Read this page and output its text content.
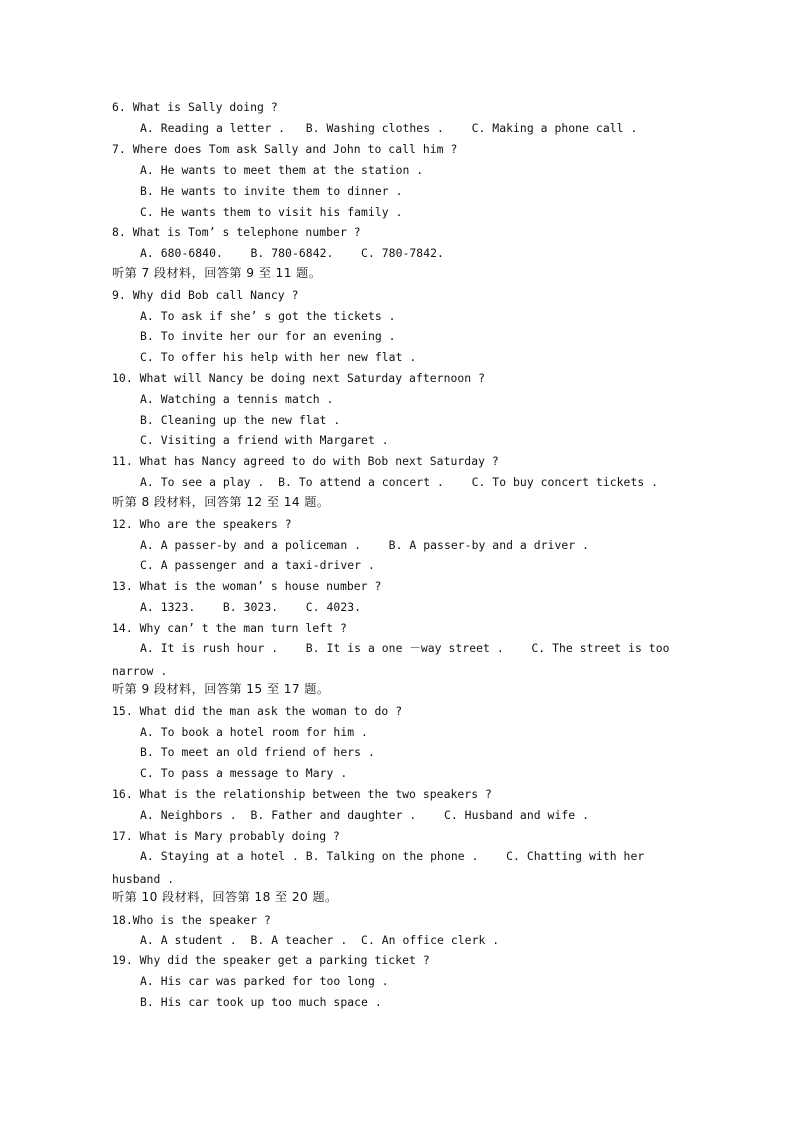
6. What is Sally doing ?
A. Reading a letter .   B. Washing clothes .    C. Making a phone call .
7. Where does Tom ask Sally and John to call him ?
A. He wants to meet them at the station .
B. He wants to invite them to dinner .
C. He wants them to visit his family .
8. What is Tom’ s telephone number ?
A. 680-6840.    B. 780-6842.    C. 780-7842.
听第 7 段材料，回答第 9 至 11 题。
9. Why did Bob call Nancy ?
A. To ask if she’ s got the tickets .
B. To invite her our for an evening .
C. To offer his help with her new flat .
10. What will Nancy be doing next Saturday afternoon ?
A. Watching a tennis match .
B. Cleaning up the new flat .
C. Visiting a friend with Margaret .
11. What has Nancy agreed to do with Bob next Saturday ?
A. To see a play .  B. To attend a concert .    C. To buy concert tickets .
听第 8 段材料，回答第 12 至 14 题。
12. Who are the speakers ?
A. A passer-by and a policeman .    B. A passer-by and a driver .
C. A passenger and a taxi-driver .
13. What is the woman’ s house number ?
A. 1323.    B. 3023.    C. 4023.
14. Why can’ t the man turn left ?
A. It is rush hour .    B. It is a one －way street .    C. The street is too
narrow .
听第 9 段材料，回答第 15 至 17 题。
15. What did the man ask the woman to do ?
A. To book a hotel room for him .
B. To meet an old friend of hers .
C. To pass a message to Mary .
16. What is the relationship between the two speakers ?
A. Neighbors .  B. Father and daughter .    C. Husband and wife .
17. What is Mary probably doing ?
A. Staying at a hotel . B. Talking on the phone .    C. Chatting with her
husband .
听第 10 段材料，回答第 18 至 20 题。
18.Who is the speaker ?
A. A student .  B. A teacher .  C. An office clerk .
19. Why did the speaker get a parking ticket ?
A. His car was parked for too long .
B. His car took up too much space .
